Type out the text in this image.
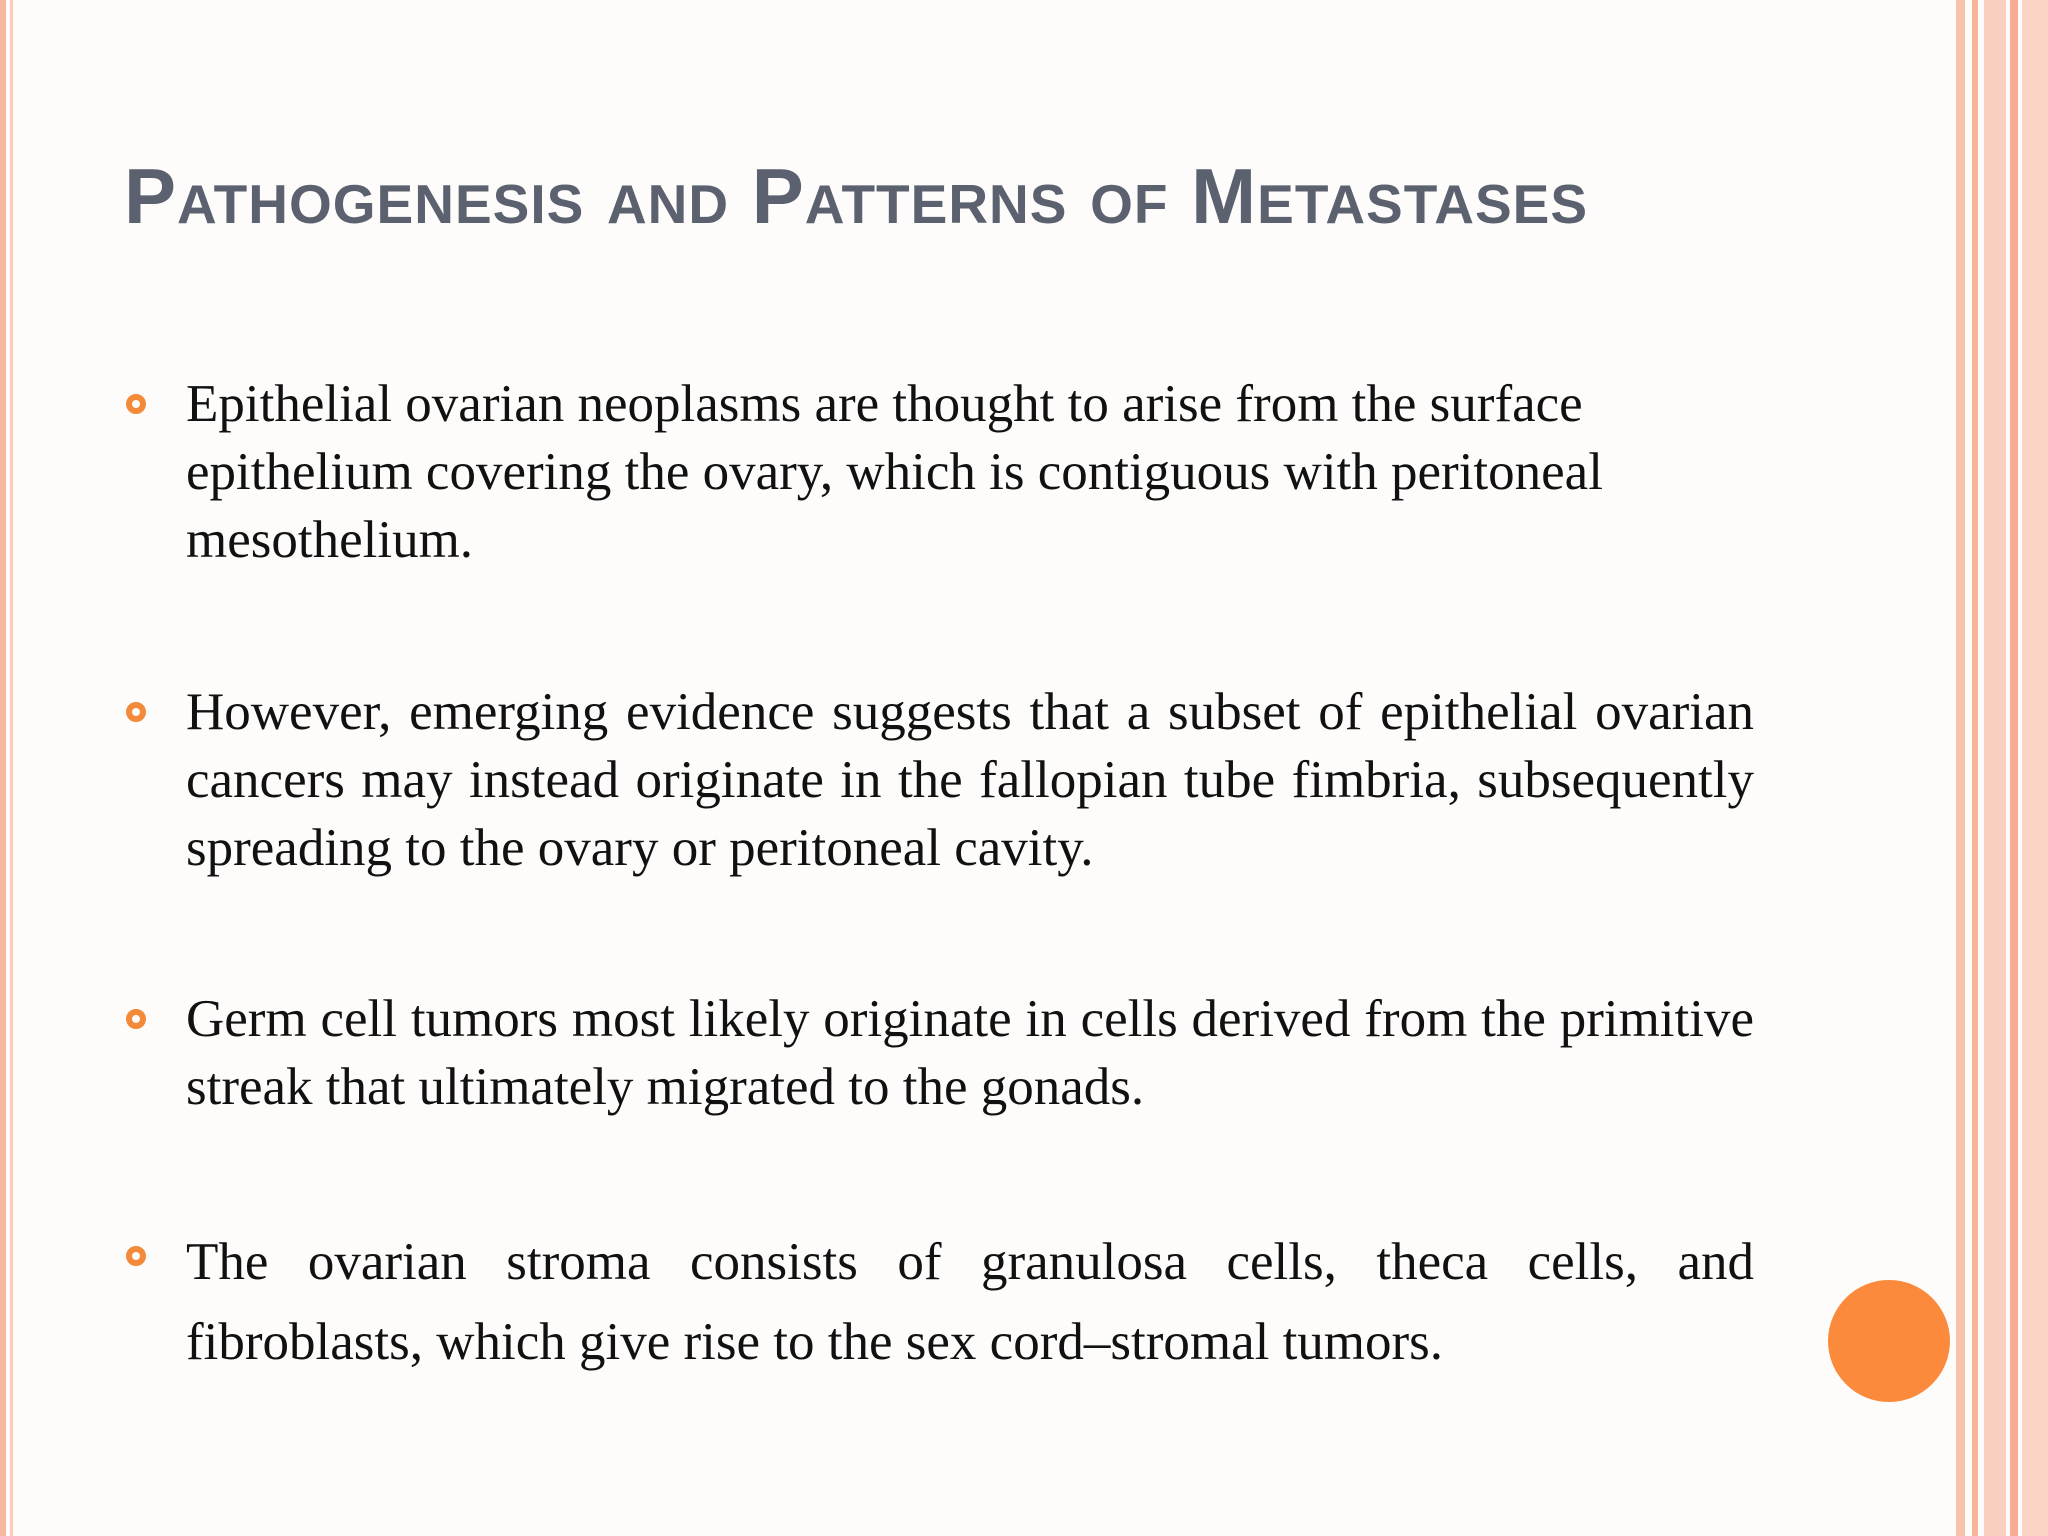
Pathogenesis and Patterns of Metastases
Epithelial ovarian neoplasms are thought to arise from the surface epithelium covering the ovary, which is contiguous with peritoneal mesothelium.
However, emerging evidence suggests that a subset of epithelial ovarian cancers may instead originate in the fallopian tube fimbria, subsequently spreading to the ovary or peritoneal cavity.
Germ cell tumors most likely originate in cells derived from the primitive streak that ultimately migrated to the gonads.
The ovarian stroma consists of granulosa cells, theca cells, and fibroblasts, which give rise to the sex cord–stromal tumors.
